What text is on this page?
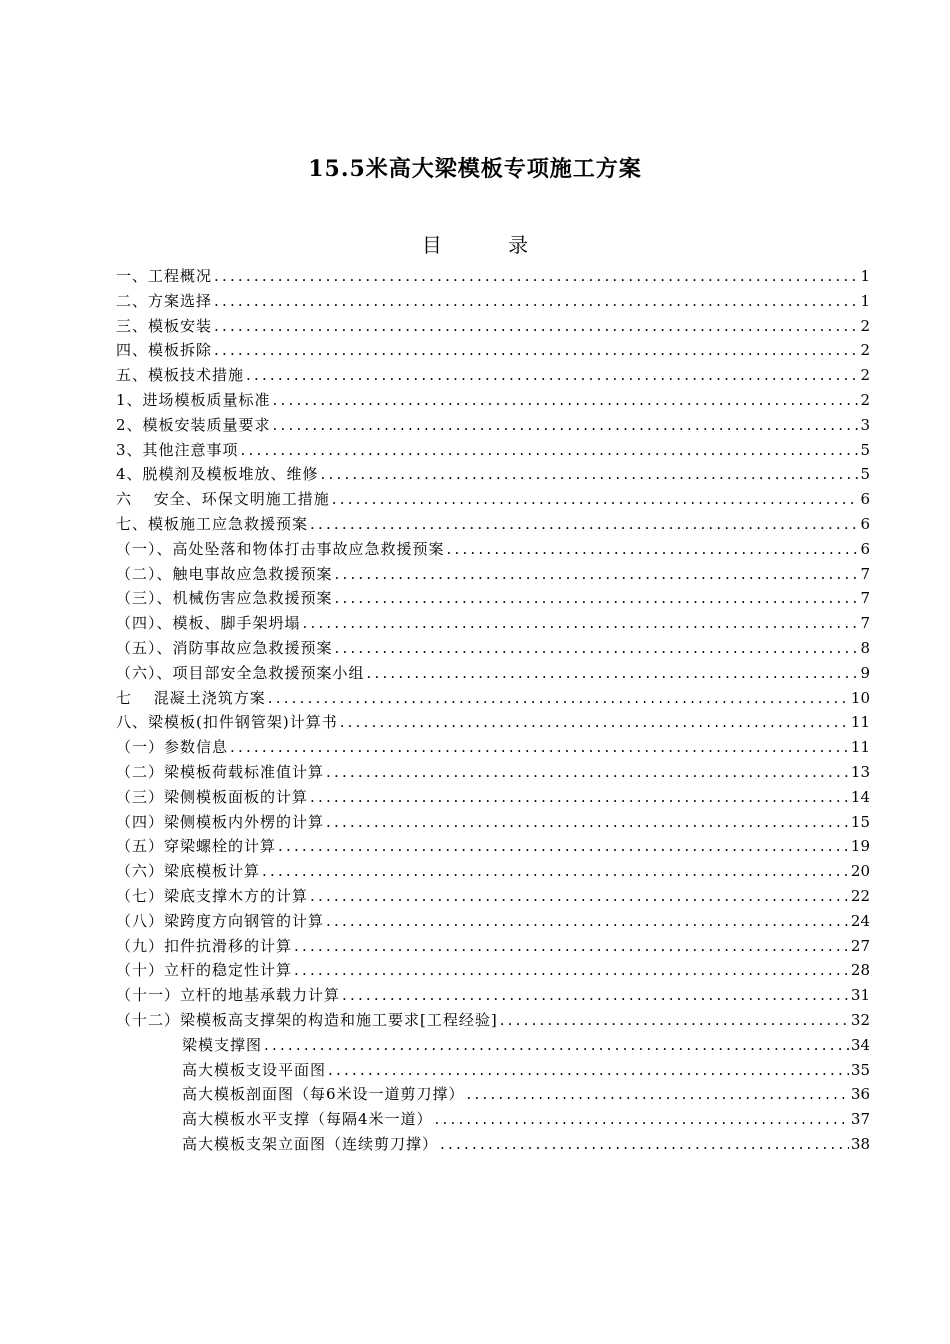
15.5米高大梁模板专项施工方案
目 录
一、工程概况 .....	1
二、方案选择 .....	1
三、模板安装 .....	2
四、模板拆除 .....	2
五、模板技术措施 .....	2
1、进场模板质量标准 .....	2
2、模板安装质量要求 .....	3
3、其他注意事项 .....	5
4、脱模剂及模板堆放、维修 .....	5
六　 安全、环保文明施工措施 .....	6
七、模板施工应急救援预案 .....	6
（一）、高处坠落和物体打击事故应急救援预案 .....	6
（二）、触电事故应急救援预案 .....	7
（三）、机械伤害应急救援预案 .....	7
（四）、模板、脚手架坍塌 .....	7
（五）、消防事故应急救援预案 .....	8
（六）、项目部安全急救援预案小组 .....	9
七　 混凝土浇筑方案 .....	10
八、梁模板(扣件钢管架)计算书 .....	11
（一）参数信息 .....	11
（二）梁模板荷载标准值计算 .....	13
（三）梁侧模板面板的计算 .....	14
（四）梁侧模板内外楞的计算 .....	15
（五）穿梁螺栓的计算 .....	19
（六）梁底模板计算 .....	20
（七）梁底支撑木方的计算 .....	22
（八）梁跨度方向钢管的计算 .....	24
（九）扣件抗滑移的计算 .....	27
（十）立杆的稳定性计算 .....	28
（十一）立杆的地基承载力计算 .....	31
（十二）梁模板高支撑架的构造和施工要求[工程经验] .....	32
梁模支撑图 .....	34
高大模板支设平面图 .....	35
高大模板剖面图（每6米设一道剪刀撑） .....	36
高大模板水平支撑（每隔4米一道） .....	37
高大模板支架立面图（连续剪刀撑） .....	38
